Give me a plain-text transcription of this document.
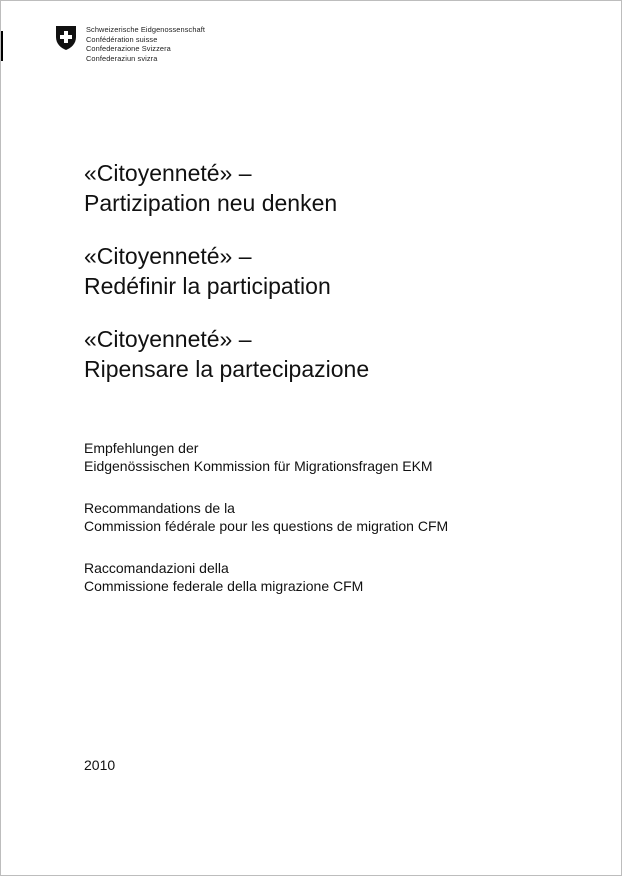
Schweizerische Eidgenossenschaft
Confédération suisse
Confederazione Svizzera
Confederaziun svizra
«Citoyenneté» –
Partizipation neu denken
«Citoyenneté» –
Redéfinir la participation
«Citoyenneté» –
Ripensare la partecipazione
Empfehlungen der
Eidgenössischen Kommission für Migrationsfragen EKM
Recommandations de la
Commission fédérale pour les questions de migration CFM
Raccomandazioni della
Commissione federale della migrazione CFM
2010
